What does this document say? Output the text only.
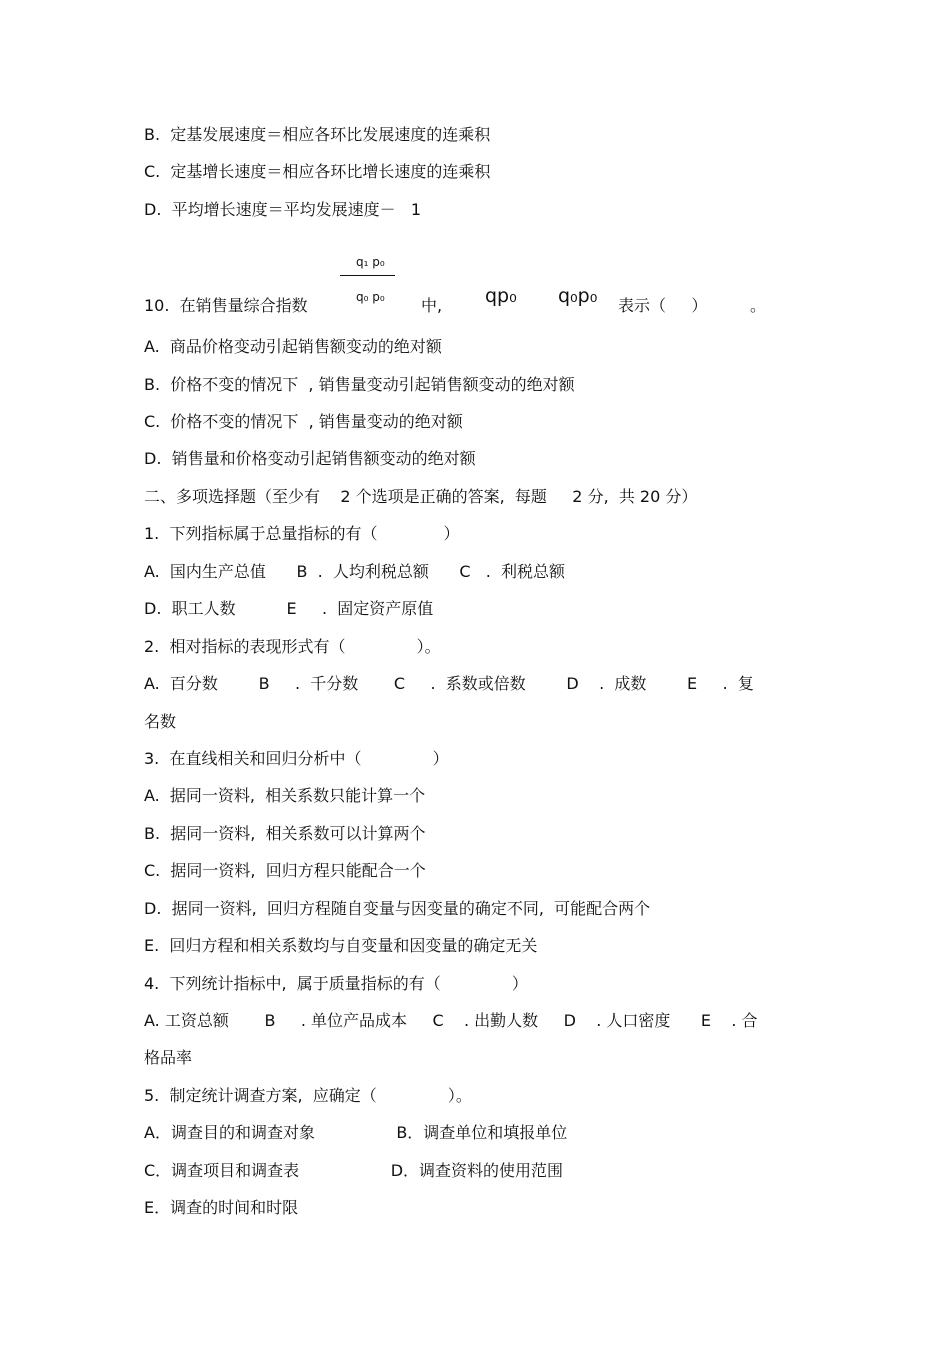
B.  定基发展速度＝相应各环比发展速度的连乘积
C.  定基增长速度＝相应各环比增长速度的连乘积
D.  平均增长速度＝平均发展速度－   1
10.  在销售量综合指数
q₁ p₀
q₀ p₀ 中, qp₀ q₀p₀ 表示（     ）	。
A.  商品价格变动引起销售额变动的绝对额
B.  价格不变的情况下  , 销售量变动引起销售额变动的绝对额
C.  价格不变的情况下  , 销售量变动的绝对额
D.  销售量和价格变动引起销售额变动的绝对额
二、多项选择题（至少有    2 个选项是正确的答案,  每题     2 分,  共 20 分）
1.  下列指标属于总量指标的有（             ）
A.  国内生产总值      B  .  人均利税总额      C   .  利税总额
D.  职工人数          E     .  固定资产原值
2.  相对指标的表现形式有（              ）。
A.  百分数        B     .  千分数       C     .  系数或倍数        D    .  成数        E     .  复
名数
3.  在直线相关和回归分析中（              ）
A.  据同一资料,  相关系数只能计算一个
B.  据同一资料,  相关系数可以计算两个
C.  据同一资料,  回归方程只能配合一个
D.  据同一资料,  回归方程随自变量与因变量的确定不同,  可能配合两个
E.  回归方程和相关系数均与自变量和因变量的确定无关
4.  下列统计指标中,  属于质量指标的有（              ）
A. 工资总额       B     . 单位产品成本     C    . 出勤人数     D    . 人口密度      E    . 合
格品率
5.  制定统计调查方案,  应确定（              ）。
A．调查目的和调查对象                B．调查单位和填报单位
C．调查项目和调查表                  D．调查资料的使用范围
E．调查的时间和时限
